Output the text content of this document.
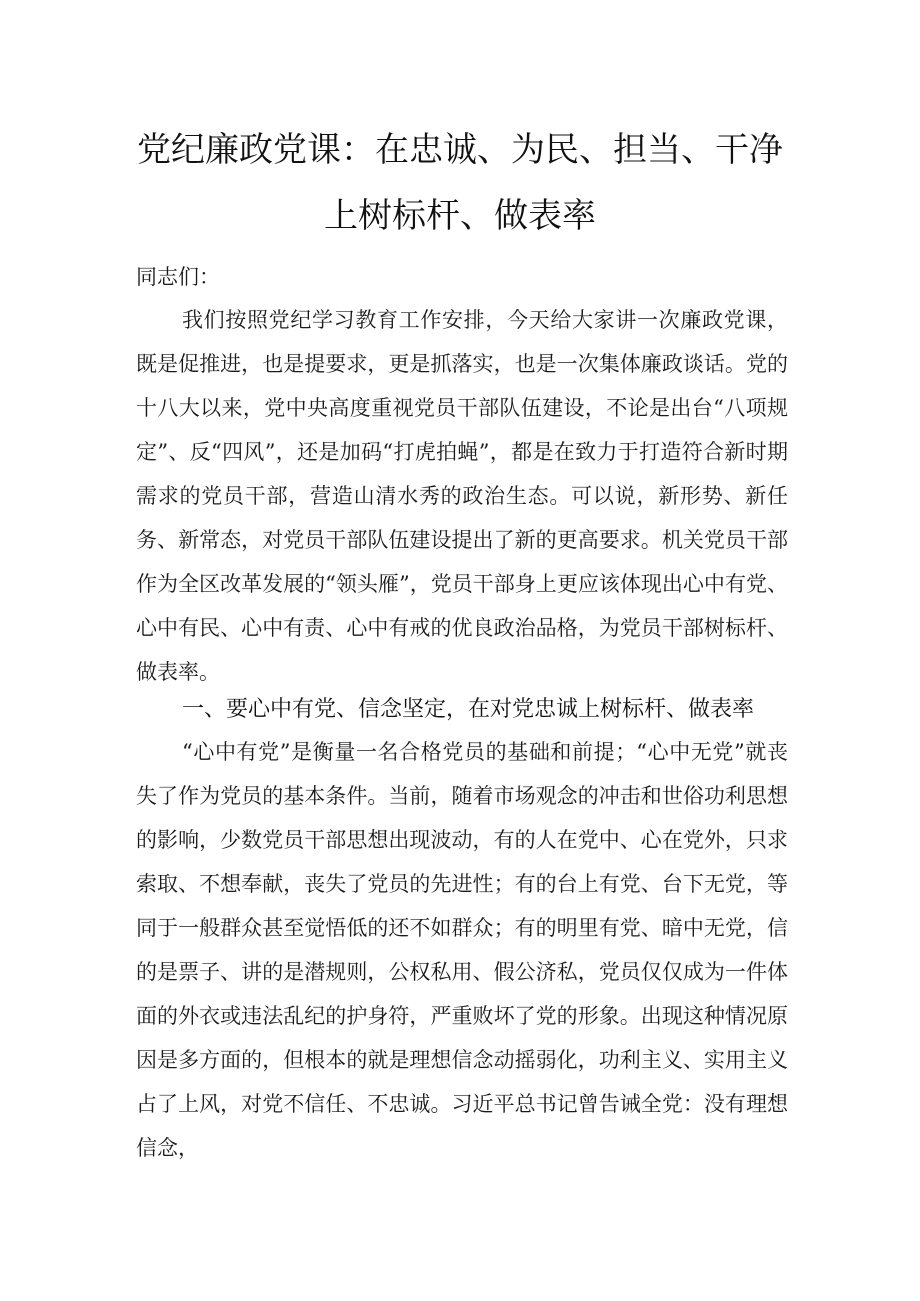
党纪廉政党课：在忠诚、为民、担当、干净
上树标杆、做表率

同志们：

我们按照党纪学习教育工作安排，今天给大家讲一次廉政党课，既是促推进，也是提要求，更是抓落实，也是一次集体廉政谈话。党的十八大以来，党中央高度重视党员干部队伍建设，不论是出台“八项规定”、反“四风”，还是加码“打虎拍蝇”，都是在致力于打造符合新时期需求的党员干部，营造山清水秀的政治生态。可以说，新形势、新任务、新常态，对党员干部队伍建设提出了新的更高要求。机关党员干部作为全区改革发展的“领头雁”，党员干部身上更应该体现出心中有党、心中有民、心中有责、心中有戒的优良政治品格，为党员干部树标杆、做表率。

一、要心中有党、信念坚定，在对党忠诚上树标杆、做表率

“心中有党”是衡量一名合格党员的基础和前提；“心中无党”就丧失了作为党员的基本条件。当前，随着市场观念的冲击和世俗功利思想的影响，少数党员干部思想出现波动，有的人在党中、心在党外，只求索取、不想奉献，丧失了党员的先进性；有的台上有党、台下无党，等同于一般群众甚至觉悟低的还不如群众；有的明里有党、暗中无党，信的是票子、讲的是潜规则，公权私用、假公济私，党员仅仅成为一件体面的外衣或违法乱纪的护身符，严重败坏了党的形象。出现这种情况原因是多方面的，但根本的就是理想信念动摇弱化，功利主义、实用主义占了上风，对党不信任、不忠诚。习近平总书记曾告诫全党：没有理想信念，
